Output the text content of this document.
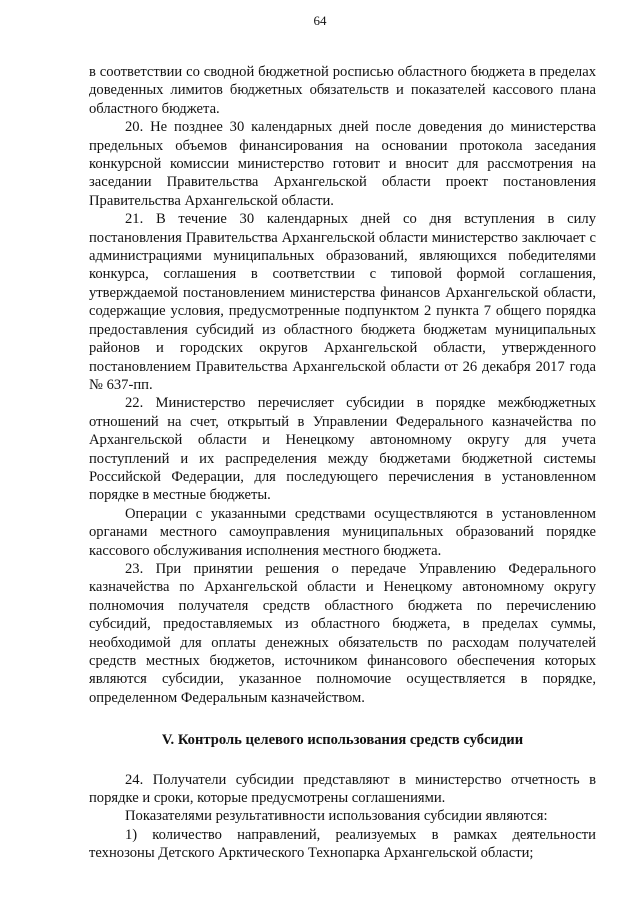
64

в соответствии со сводной бюджетной росписью областного бюджета в пределах доведенных лимитов бюджетных обязательств и показателей кассового плана областного бюджета.

20. Не позднее 30 календарных дней после доведения до министерства предельных объемов финансирования на основании протокола заседания конкурсной комиссии министерство готовит и вносит для рассмотрения на заседании Правительства Архангельской области проект постановления Правительства Архангельской области.

21. В течение 30 календарных дней со дня вступления в силу постановления Правительства Архангельской области министерство заключает с администрациями муниципальных образований, являющихся победителями конкурса, соглашения в соответствии с типовой формой соглашения, утверждаемой постановлением министерства финансов Архангельской области, содержащие условия, предусмотренные подпунктом 2 пункта 7 общего порядка предоставления субсидий из областного бюджета бюджетам муниципальных районов и городских округов Архангельской области, утвержденного постановлением Правительства Архангельской области от 26 декабря 2017 года № 637-пп.

22. Министерство перечисляет субсидии в порядке межбюджетных отношений на счет, открытый в Управлении Федерального казначейства по Архангельской области и Ненецкому автономному округу для учета поступлений и их распределения между бюджетами бюджетной системы Российской Федерации, для последующего перечисления в установленном порядке в местные бюджеты.

Операции с указанными средствами осуществляются в установленном органами местного самоуправления муниципальных образований порядке кассового обслуживания исполнения местного бюджета.

23. При принятии решения о передаче Управлению Федерального казначейства по Архангельской области и Ненецкому автономному округу полномочия получателя средств областного бюджета по перечислению субсидий, предоставляемых из областного бюджета, в пределах суммы, необходимой для оплаты денежных обязательств по расходам получателей средств местных бюджетов, источником финансового обеспечения которых являются субсидии, указанное полномочие осуществляется в порядке, определенном Федеральным казначейством.

V. Контроль целевого использования средств субсидии

24. Получатели субсидии представляют в министерство отчетность в порядке и сроки, которые предусмотрены соглашениями.

Показателями результативности использования субсидии являются:

1) количество направлений, реализуемых в рамках деятельности технозоны Детского Арктического Технопарка Архангельской области;
